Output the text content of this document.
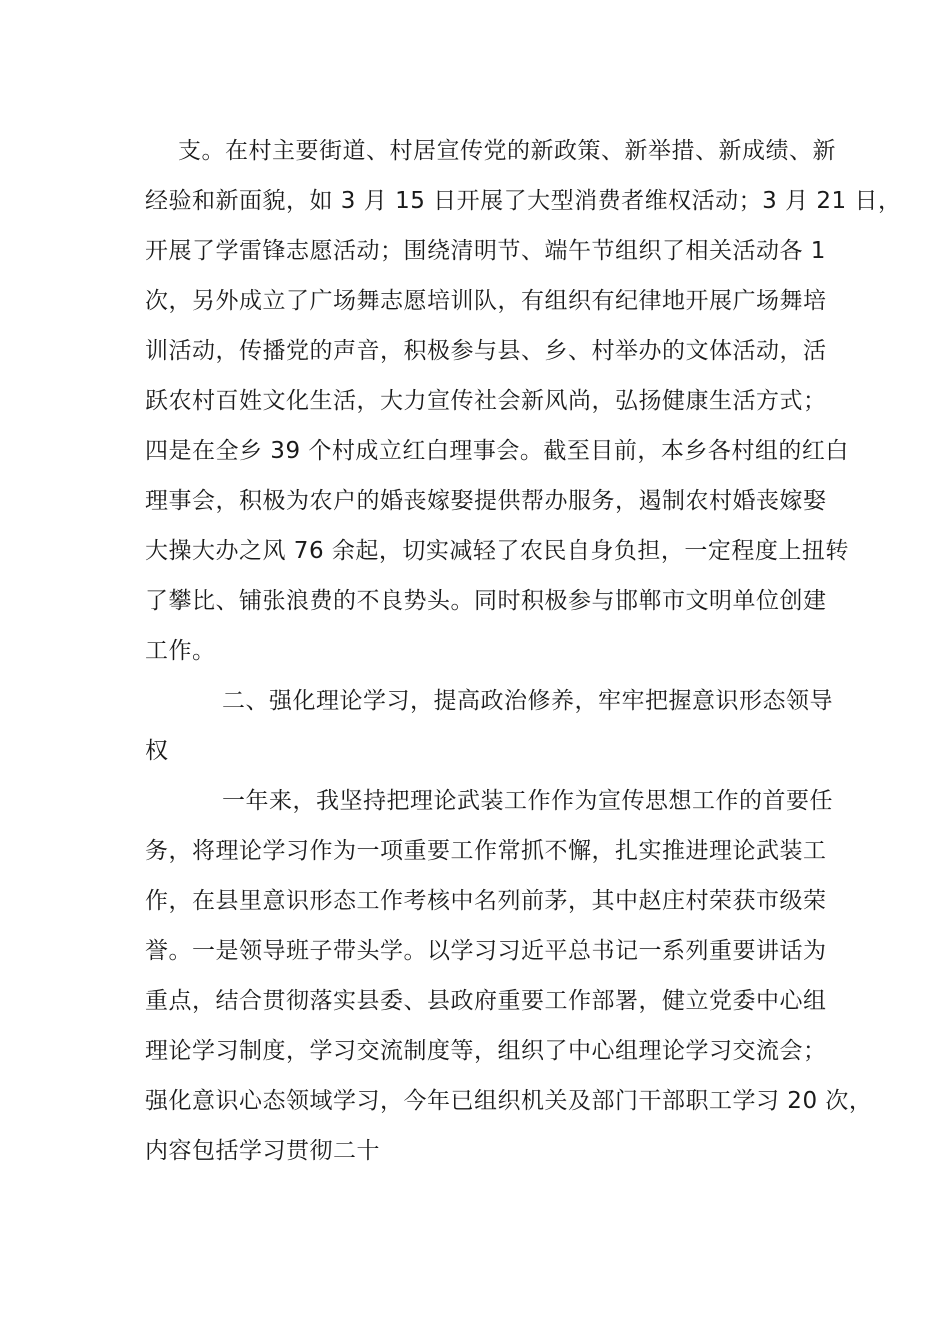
支。在村主要街道、村居宣传党的新政策、新举措、新成绩、新
经验和新面貌，如 3 月 15 日开展了大型消费者维权活动；3 月 21 日，
开展了学雷锋志愿活动；围绕清明节、端午节组织了相关活动各 1
次，另外成立了广场舞志愿培训队，有组织有纪律地开展广场舞培
训活动，传播党的声音，积极参与县、乡、村举办的文体活动，活
跃农村百姓文化生活，大力宣传社会新风尚，弘扬健康生活方式；
四是在全乡 39 个村成立红白理事会。截至目前，本乡各村组的红白
理事会，积极为农户的婚丧嫁娶提供帮办服务，遏制农村婚丧嫁娶
大操大办之风 76 余起，切实减轻了农民自身负担，一定程度上扭转
了攀比、铺张浪费的不良势头。同时积极参与邯郸市文明单位创建
工作。
二、强化理论学习，提高政治修养，牢牢把握意识形态领导
权
一年来，我坚持把理论武装工作作为宣传思想工作的首要任
务，将理论学习作为一项重要工作常抓不懈，扎实推进理论武装工
作，在县里意识形态工作考核中名列前茅，其中赵庄村荣获市级荣
誉。一是领导班子带头学。以学习习近平总书记一系列重要讲话为
重点，结合贯彻落实县委、县政府重要工作部署，健立党委中心组
理论学习制度，学习交流制度等，组织了中心组理论学习交流会；
强化意识心态领域学习，今年已组织机关及部门干部职工学习 20 次，
内容包括学习贯彻二十
